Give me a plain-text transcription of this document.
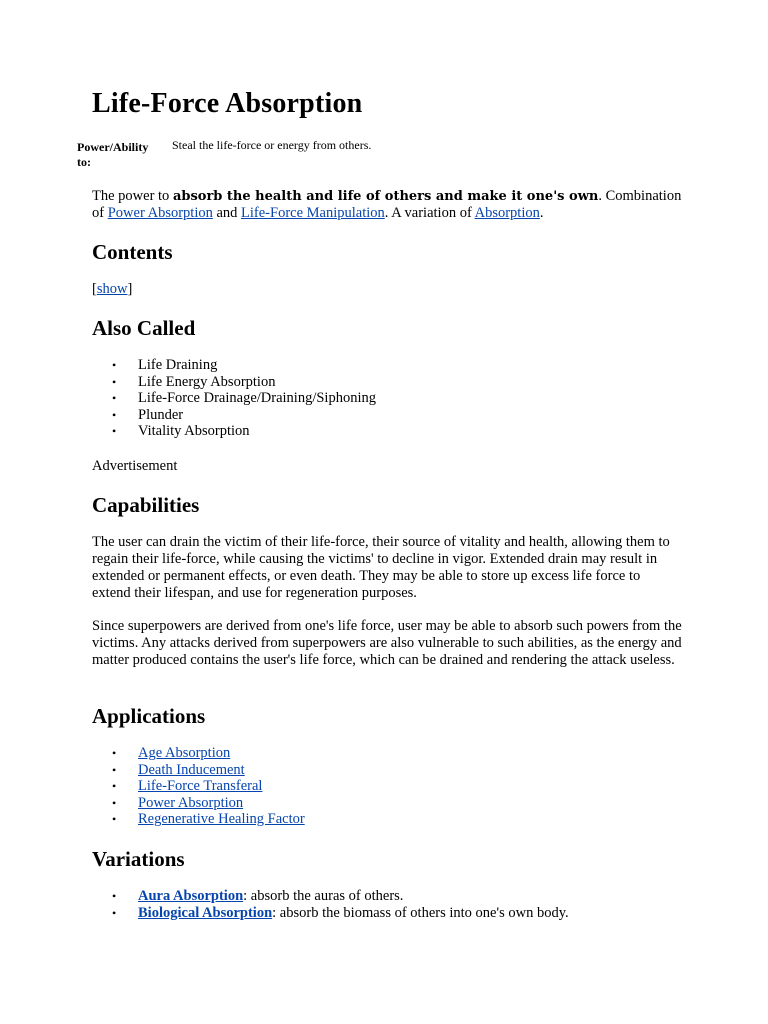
Life-Force Absorption
Power/Ability to:
Steal the life-force or energy from others.

The power to absorb the health and life of others and make it one's own. Combination of Power Absorption and Life-Force Manipulation. A variation of Absorption.

Contents

[show]

Also Called
• Life Draining
• Life Energy Absorption
• Life-Force Drainage/Draining/Siphoning
• Plunder
• Vitality Absorption

Advertisement

Capabilities

The user can drain the victim of their life-force, their source of vitality and health, allowing them to regain their life-force, while causing the victims' to decline in vigor. Extended drain may result in extended or permanent effects, or even death. They may be able to store up excess life force to extend their lifespan, and use for regeneration purposes.

Since superpowers are derived from one's life force, user may be able to absorb such powers from the victims. Any attacks derived from superpowers are also vulnerable to such abilities, as the energy and matter produced contains the user's life force, which can be drained and rendering the attack useless.

Applications
• Age Absorption
• Death Inducement
• Life-Force Transferal
• Power Absorption
• Regenerative Healing Factor
Variations
• Aura Absorption: absorb the auras of others.
• Biological Absorption: absorb the biomass of others into one's own body.
